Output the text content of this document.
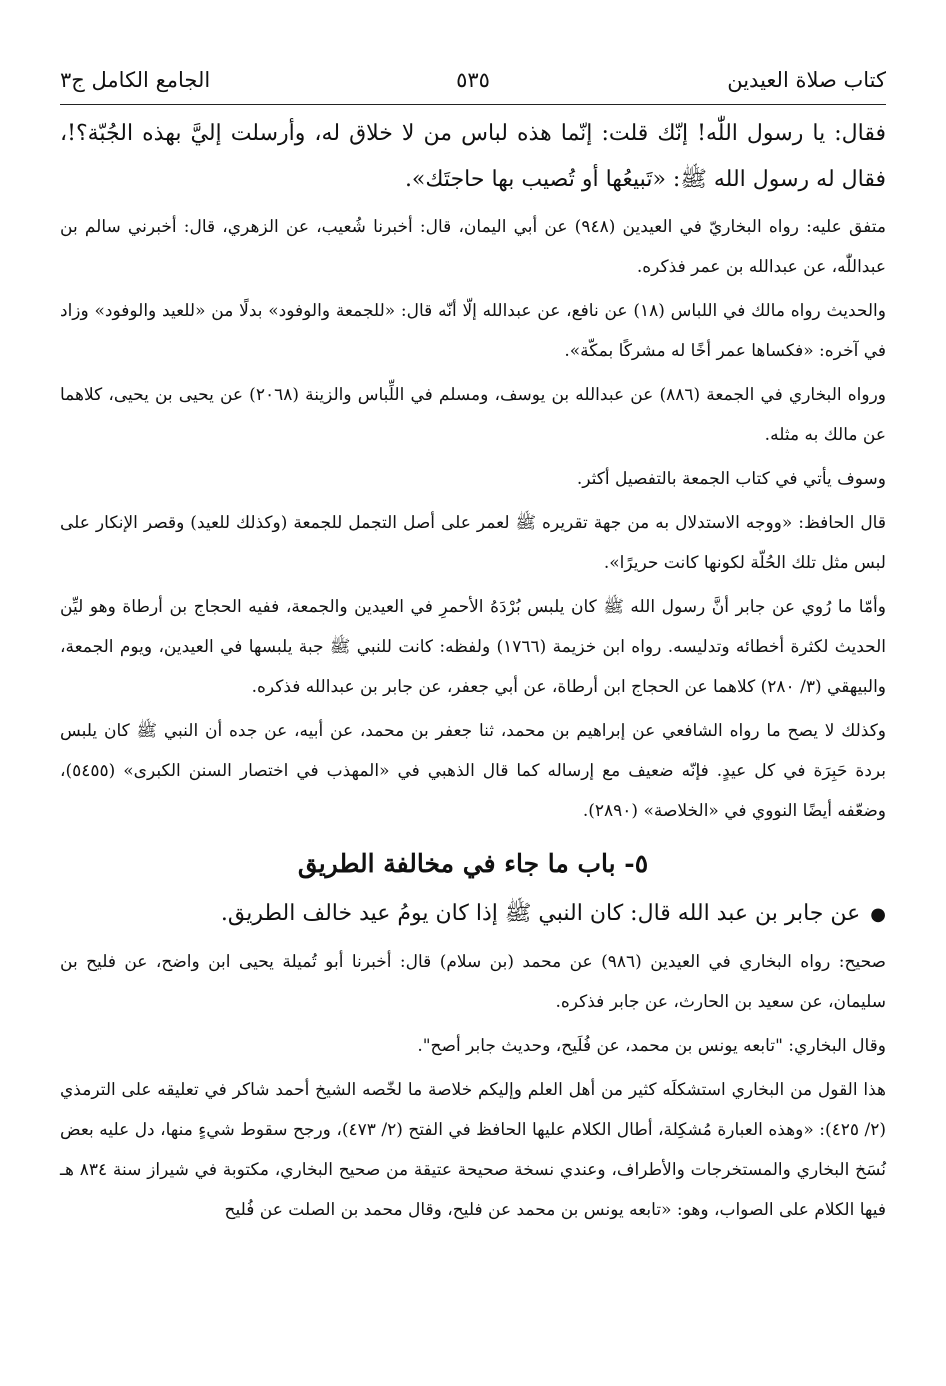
كتاب صلاة العيدين
٥٣٥
الجامع الكامل ج٣
فقال: يا رسول اللّٰه! إنّك قلت: إنّما هذه لباس من لا خلاق له، وأرسلت إليَّ بهذه الجُبّة؟!، فقال له رسول الله ﷺ: «تَبيعُها أو تُصيب بها حاجتَك».
متفق عليه: رواه البخاريّ في العيدين (٩٤٨) عن أبي اليمان، قال: أخبرنا شُعيب، عن الزهري، قال: أخبرني سالم بن عبداللّٰه، عن عبدالله بن عمر فذكره.
والحديث رواه مالك في اللباس (١٨) عن نافع، عن عبدالله إلّا أنّه قال: «للجمعة والوفود» بدلًا من «للعيد والوفود» وزاد في آخره: «فكساها عمر أخًا له مشركًا بمكّة».
ورواه البخاري في الجمعة (٨٨٦) عن عبدالله بن يوسف، ومسلم في اللِّباس والزينة (٢٠٦٨) عن يحيى بن يحيى، كلاهما عن مالك به مثله.
وسوف يأتي في كتاب الجمعة بالتفصيل أكثر.
قال الحافظ: «ووجه الاستدلال به من جهة تقريره ﷺ لعمر على أصل التجمل للجمعة (وكذلك للعيد) وقصر الإنكار على لبس مثل تلك الحُلّة لكونها كانت حريرًا».
وأمّا ما رُوي عن جابر أنَّ رسول الله ﷺ كان يلبس بُرْدَهُ الأحمرِ في العيدين والجمعة، ففيه الحجاج بن أرطاة وهو ليِّن الحديث لكثرة أخطائه وتدليسه. رواه ابن خزيمة (١٧٦٦) ولفظه: كانت للنبي ﷺ جبة يلبسها في العيدين، ويوم الجمعة، والبيهقي (٣/ ٢٨٠) كلاهما عن الحجاج ابن أرطاة، عن أبي جعفر، عن جابر بن عبدالله فذكره.
وكذلك لا يصح ما رواه الشافعي عن إبراهيم بن محمد، ثنا جعفر بن محمد، عن أبيه، عن جده أن النبي ﷺ كان يلبس بردة حَبِرَة في كل عيدٍ. فإنّه ضعيف مع إرساله كما قال الذهبي في «المهذب في اختصار السنن الكبرى» (٥٤٥٥)، وضعّفه أيضًا النووي في «الخلاصة» (٢٨٩٠).
٥- باب ما جاء في مخالفة الطريق
●عن جابر بن عبد الله قال: كان النبي ﷺ إذا كان يومُ عيد خالف الطريق.
صحيح: رواه البخاري في العيدين (٩٨٦) عن محمد (بن سلام) قال: أخبرنا أبو تُميلة يحيى ابن واضح، عن فليح بن سليمان، عن سعيد بن الحارث، عن جابر فذكره.
وقال البخاري: "تابعه يونس بن محمد، عن فُلَيح، وحديث جابر أصح".
هذا القول من البخاري استشكلَه كثير من أهل العلم وإليكم خلاصة ما لخّصه الشيخ أحمد شاكر في تعليقه على الترمذي (٢/ ٤٢٥): «وهذه العبارة مُشكِلة، أطال الكلام عليها الحافظ في الفتح (٢/ ٤٧٣)، ورجح سقوط شيءٍ منها، دل عليه بعض نُسَخ البخاري والمستخرجات والأطراف، وعندي نسخة صحيحة عتيقة من صحيح البخاري، مكتوبة في شيراز سنة ٨٣٤ هـ فيها الكلام على الصواب، وهو: «تابعه يونس بن محمد عن فليح، وقال محمد بن الصلت عن فُليح
